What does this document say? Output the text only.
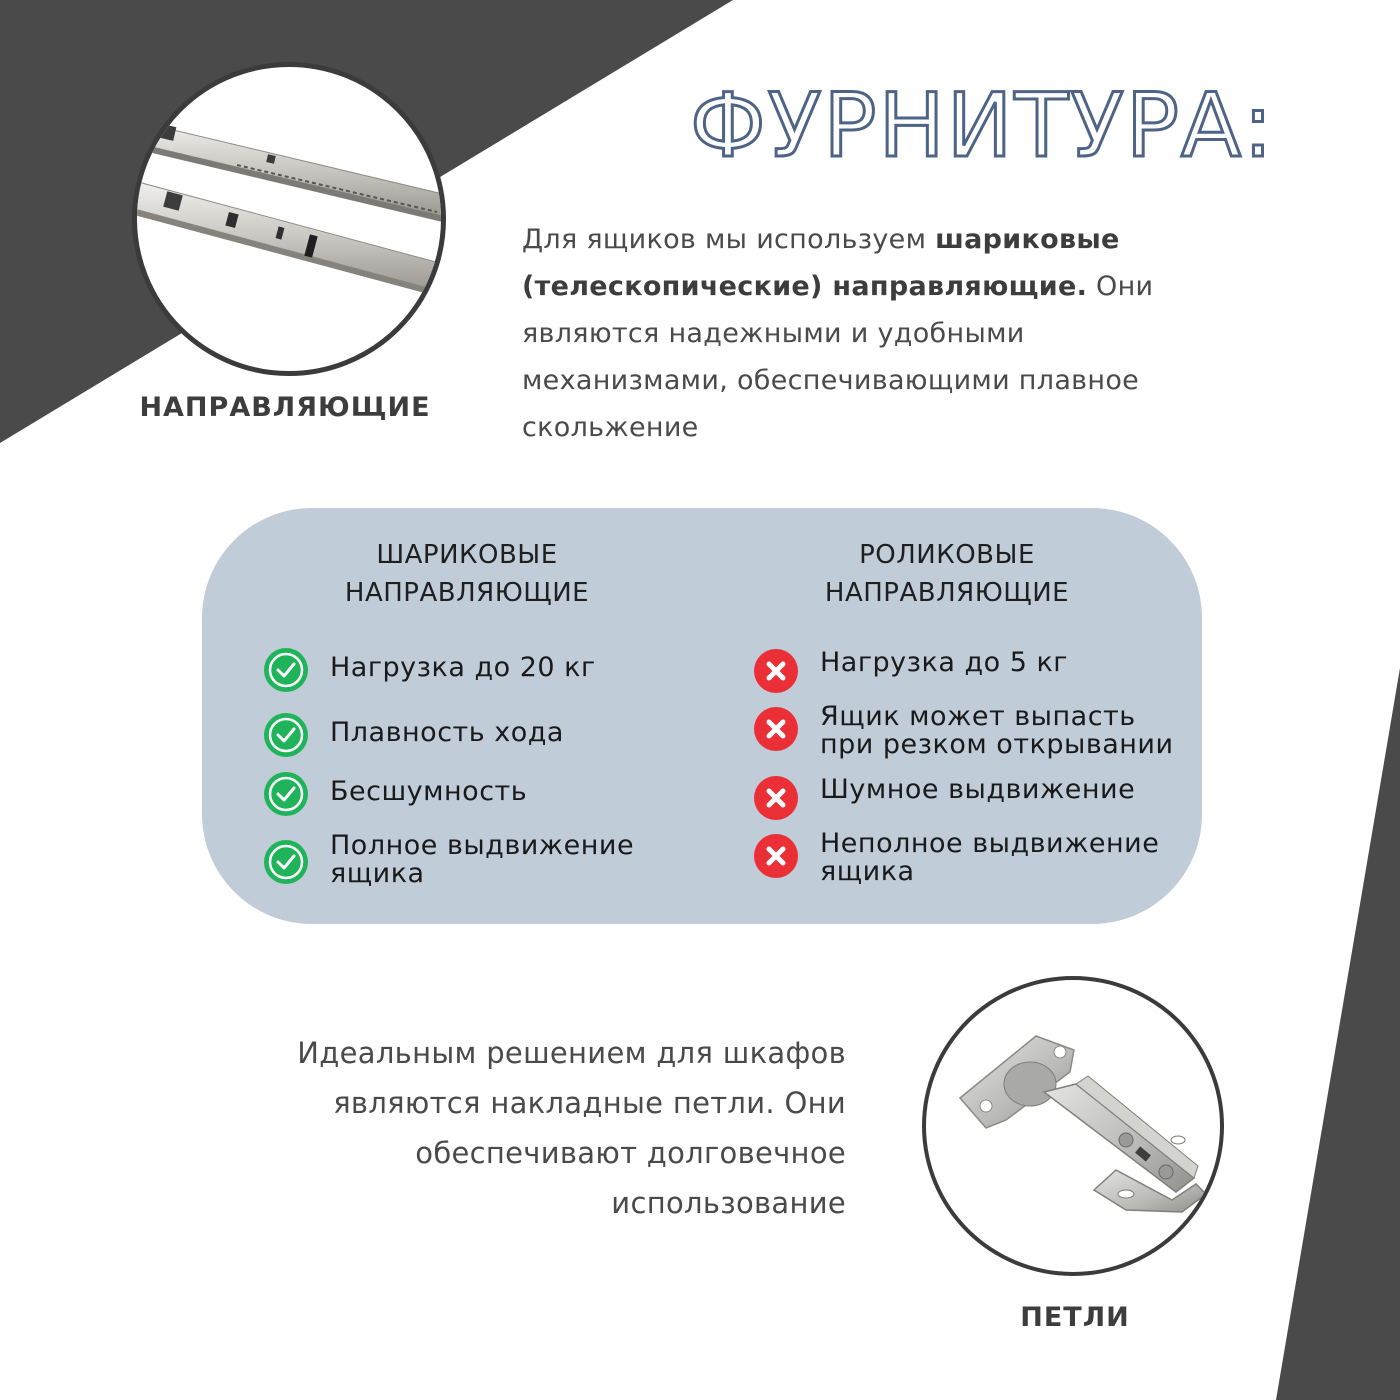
ФУРНИТУРА:
НАПРАВЛЯЮЩИЕ
Для ящиков мы используем шариковые (телескопические) направляющие. Они являются надежными и удобными механизмами, обеспечивающими плавное скольжение
ШАРИКОВЫЕ
НАПРАВЛЯЮЩИЕ
РОЛИКОВЫЕ
НАПРАВЛЯЮЩИЕ
Нагрузка до 20 кг
Плавность хода
Бесшумность
Полное выдвижение
ящика
Нагрузка до 5 кг
Ящик может выпасть
при резком открывании
Шумное выдвижение
Неполное выдвижение
ящика
Идеальным решением для шкафов
являются накладные петли. Они
обеспечивают долговечное
использование
ПЕТЛИ
